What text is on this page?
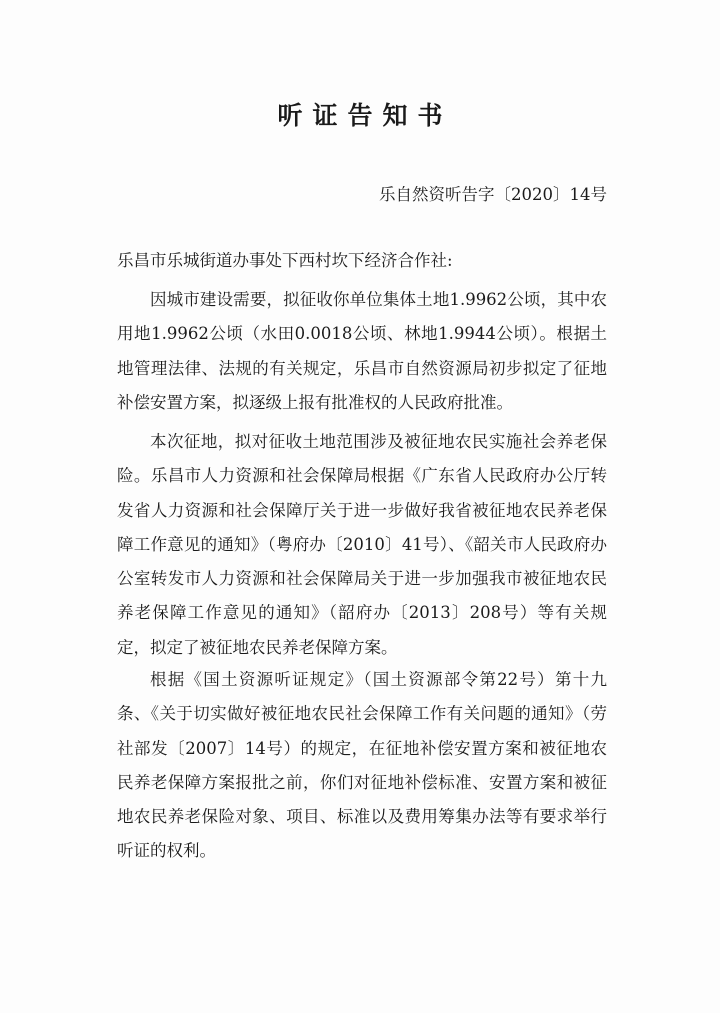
听证告知书
乐自然资听告字〔2020〕14号
乐昌市乐城街道办事处下西村坎下经济合作社:

因城市建设需要，拟征收你单位集体土地1.9962公顷，其中农用地1.9962公顷（水田0.0018公顷、林地1.9944公顷）。根据土地管理法律、法规的有关规定，乐昌市自然资源局初步拟定了征地补偿安置方案，拟逐级上报有批准权的人民政府批准。

本次征地，拟对征收土地范围涉及被征地农民实施社会养老保险。乐昌市人力资源和社会保障局根据《广东省人民政府办公厅转发省人力资源和社会保障厅关于进一步做好我省被征地农民养老保障工作意见的通知》（粤府办〔2010〕41号）、《韶关市人民政府办公室转发市人力资源和社会保障局关于进一步加强我市被征地农民养老保障工作意见的通知》（韶府办〔2013〕208号）等有关规定，拟定了被征地农民养老保障方案。

根据《国土资源听证规定》（国土资源部令第22号）第十九条、《关于切实做好被征地农民社会保障工作有关问题的通知》（劳社部发〔2007〕14号）的规定，在征地补偿安置方案和被征地农民养老保障方案报批之前，你们对征地补偿标准、安置方案和被征地农民养老保险对象、项目、标准以及费用筹集办法等有要求举行听证的权利。
